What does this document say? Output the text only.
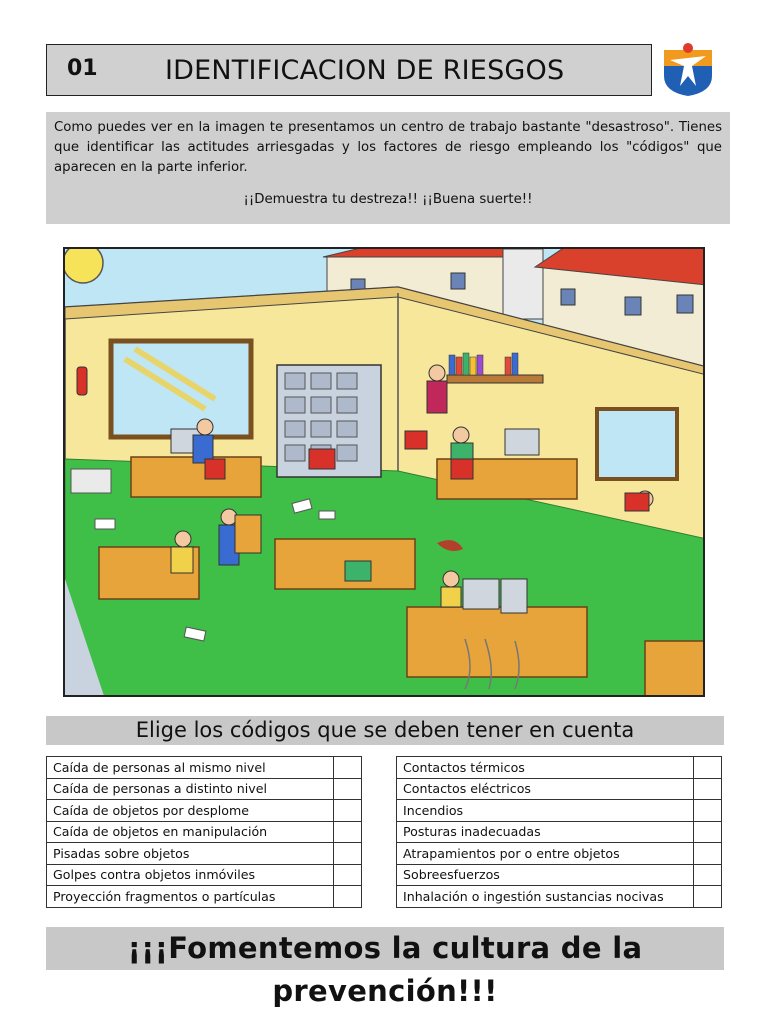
01 IDENTIFICACION DE RIESGOS

Como puedes ver en la imagen te presentamos un centro de trabajo bastante "desastroso". Tienes que identificar las actitudes arriesgadas y los factores de riesgo empleando los "códigos" que aparecen en la parte inferior.

¡¡Demuestra tu destreza!! ¡¡Buena suerte!!

Elige los códigos que se deben tener en cuenta
Caída de personas al mismo nivel	
Caída de personas a distinto nivel	
Caída de objetos por desplome	
Caída de objetos en manipulación	
Pisadas sobre objetos	
Golpes contra objetos inmóviles	
Proyección fragmentos o partículas	
Contactos térmicos	
Contactos eléctricos	
Incendios	
Posturas inadecuadas	
Atrapamientos por o entre objetos	
Sobreesfuerzos	
Inhalación o ingestión sustancias nocivas	
¡¡¡Fomentemos la cultura de la prevención!!!
